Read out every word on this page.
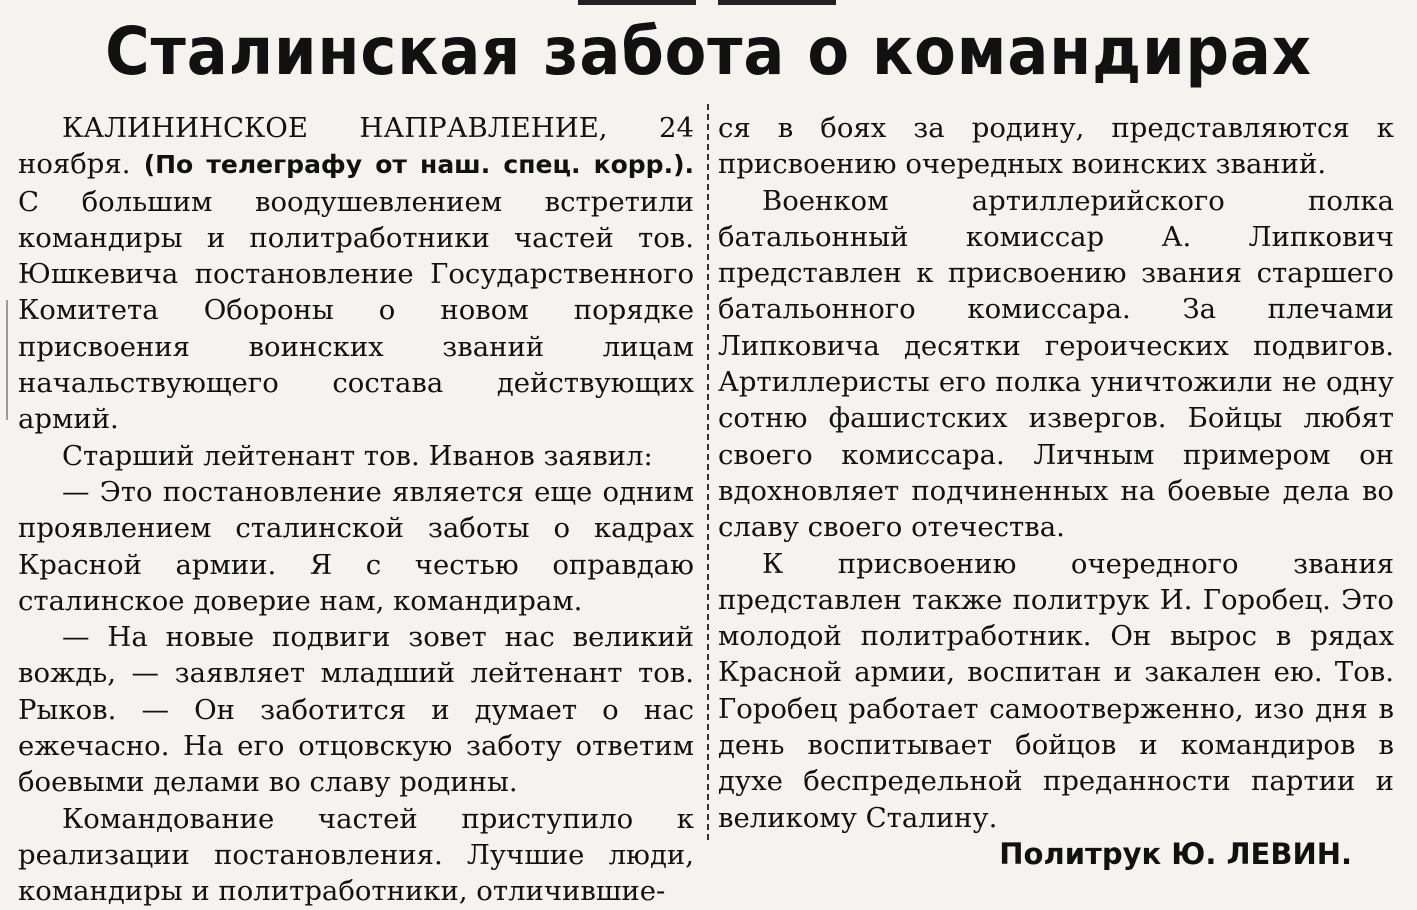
Сталинская забота о командирах

КАЛИНИНСКОЕ НАПРАВЛЕНИЕ, 24 ноября. (По телеграфу от наш. спец. корр.). С большим воодушевлением встретили командиры и политработники частей тов. Юшкевича постановление Государственного Комитета Обороны о новом порядке присвоения воинских званий лицам начальствующего состава действующих армий.

Старший лейтенант тов. Иванов заявил:

— Это постановление является еще одним проявлением сталинской заботы о кадрах Красной армии. Я с честью оправдаю сталинское доверие нам, командирам.

— На новые подвиги зовет нас великий вождь, — заявляет младший лейтенант тов. Рыков. — Он заботится и думает о нас ежечасно. На его отцовскую заботу ответим боевыми делами во славу родины.

Командование частей приступило к реализации постановления. Лучшие люди, командиры и политработники, отличившие-

ся в боях за родину, представляются к присвоению очередных воинских званий.

Военком артиллерийского полка батальонный комиссар А. Липкович представлен к присвоению звания старшего батальонного комиссара. За плечами Липковича десятки героических подвигов. Артиллеристы его полка уничтожили не одну сотню фашистских извергов. Бойцы любят своего комиссара. Личным примером он вдохновляет подчиненных на боевые дела во славу своего отечества.

К присвоению очередного звания представлен также политрук И. Горобец. Это молодой политработник. Он вырос в рядах Красной армии, воспитан и закален ею. Тов. Горобец работает самоотверженно, изо дня в день воспитывает бойцов и командиров в духе беспредельной преданности партии и великому Сталину.

Политрук Ю. ЛЕВИН.
